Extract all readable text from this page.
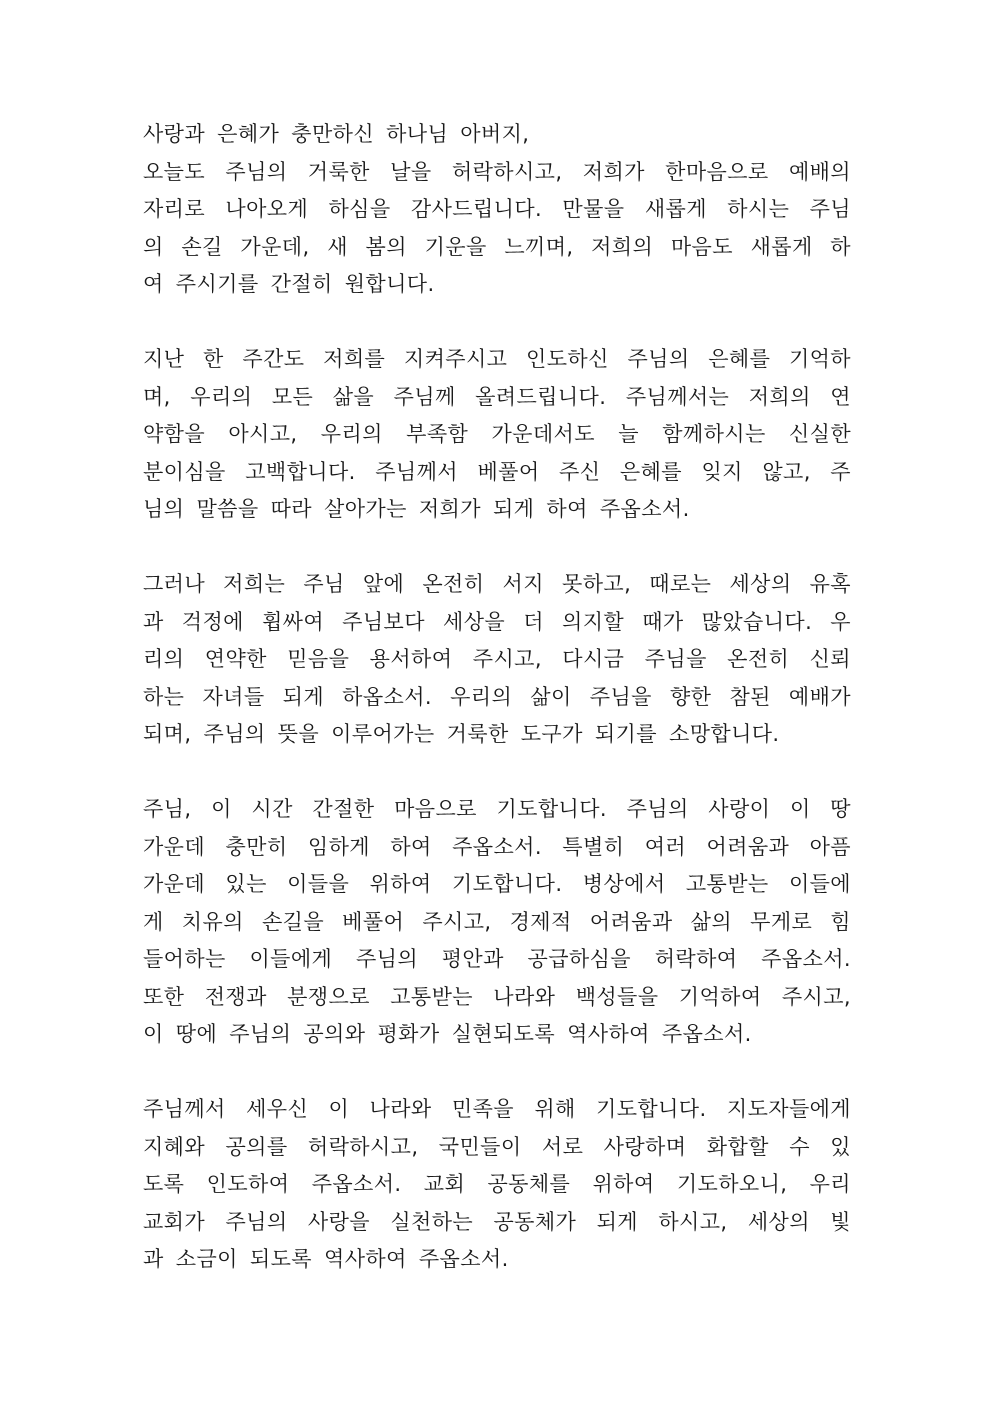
사랑과 은혜가 충만하신 하나님 아버지,
오늘도 주님의 거룩한 날을 허락하시고, 저희가 한마음으로 예배의
자리로 나아오게 하심을 감사드립니다. 만물을 새롭게 하시는 주님
의 손길 가운데, 새 봄의 기운을 느끼며, 저희의 마음도 새롭게 하
여 주시기를 간절히 원합니다.

지난 한 주간도 저희를 지켜주시고 인도하신 주님의 은혜를 기억하
며, 우리의 모든 삶을 주님께 올려드립니다. 주님께서는 저희의 연
약함을 아시고, 우리의 부족함 가운데서도 늘 함께하시는 신실한
분이심을 고백합니다. 주님께서 베풀어 주신 은혜를 잊지 않고, 주
님의 말씀을 따라 살아가는 저희가 되게 하여 주옵소서.

그러나 저희는 주님 앞에 온전히 서지 못하고, 때로는 세상의 유혹
과 걱정에 휩싸여 주님보다 세상을 더 의지할 때가 많았습니다. 우
리의 연약한 믿음을 용서하여 주시고, 다시금 주님을 온전히 신뢰
하는 자녀들 되게 하옵소서. 우리의 삶이 주님을 향한 참된 예배가
되며, 주님의 뜻을 이루어가는 거룩한 도구가 되기를 소망합니다.

주님, 이 시간 간절한 마음으로 기도합니다. 주님의 사랑이 이 땅
가운데 충만히 임하게 하여 주옵소서. 특별히 여러 어려움과 아픔
가운데 있는 이들을 위하여 기도합니다. 병상에서 고통받는 이들에
게 치유의 손길을 베풀어 주시고, 경제적 어려움과 삶의 무게로 힘
들어하는 이들에게 주님의 평안과 공급하심을 허락하여 주옵소서.
또한 전쟁과 분쟁으로 고통받는 나라와 백성들을 기억하여 주시고,
이 땅에 주님의 공의와 평화가 실현되도록 역사하여 주옵소서.

주님께서 세우신 이 나라와 민족을 위해 기도합니다. 지도자들에게
지혜와 공의를 허락하시고, 국민들이 서로 사랑하며 화합할 수 있
도록 인도하여 주옵소서. 교회 공동체를 위하여 기도하오니, 우리
교회가 주님의 사랑을 실천하는 공동체가 되게 하시고, 세상의 빛
과 소금이 되도록 역사하여 주옵소서.
